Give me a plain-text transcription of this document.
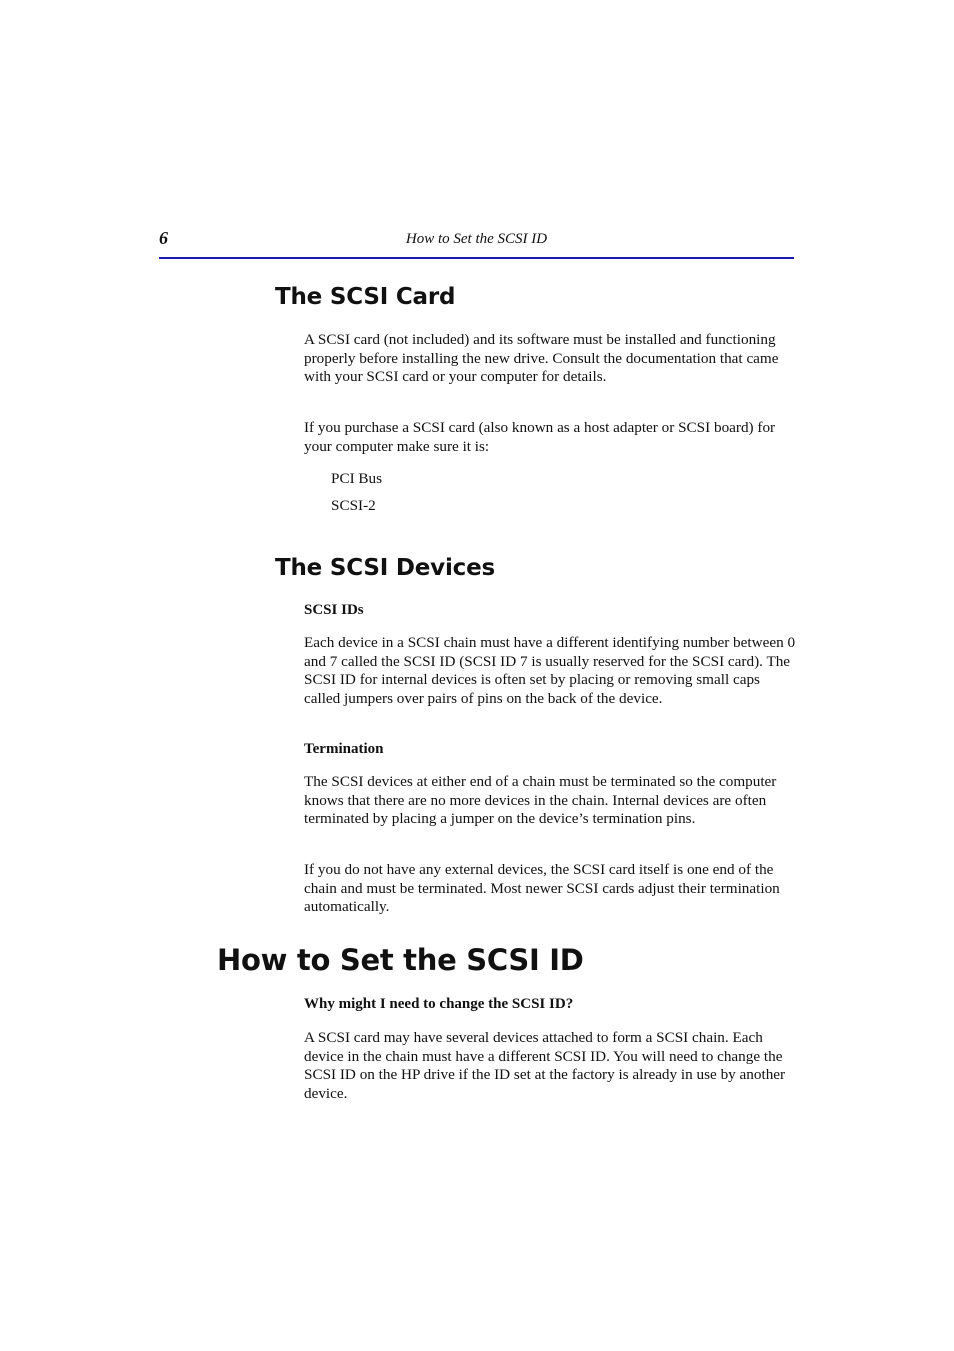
6	How to Set the SCSI ID
The SCSI Card

A SCSI card (not included) and its software must be installed and functioning properly before installing the new drive. Consult the documentation that came with your SCSI card or your computer for details.

If you purchase a SCSI card (also known as a host adapter or SCSI board) for your computer make sure it is:

PCI Bus

SCSI-2

The SCSI Devices
SCSI IDs

Each device in a SCSI chain must have a different identifying number between 0 and 7 called the SCSI ID (SCSI ID 7 is usually reserved for the SCSI card). The SCSI ID for internal devices is often set by placing or removing small caps called jumpers over pairs of pins on the back of the device.

Termination

The SCSI devices at either end of a chain must be terminated so the computer knows that there are no more devices in the chain. Internal devices are often terminated by placing a jumper on the device’s termination pins.

If you do not have any external devices, the SCSI card itself is one end of the chain and must be terminated. Most newer SCSI cards adjust their termination automatically.

How to Set the SCSI ID
Why might I need to change the SCSI ID?

A SCSI card may have several devices attached to form a SCSI chain. Each device in the chain must have a different SCSI ID. You will need to change the SCSI ID on the HP drive if the ID set at the factory is already in use by another device.
